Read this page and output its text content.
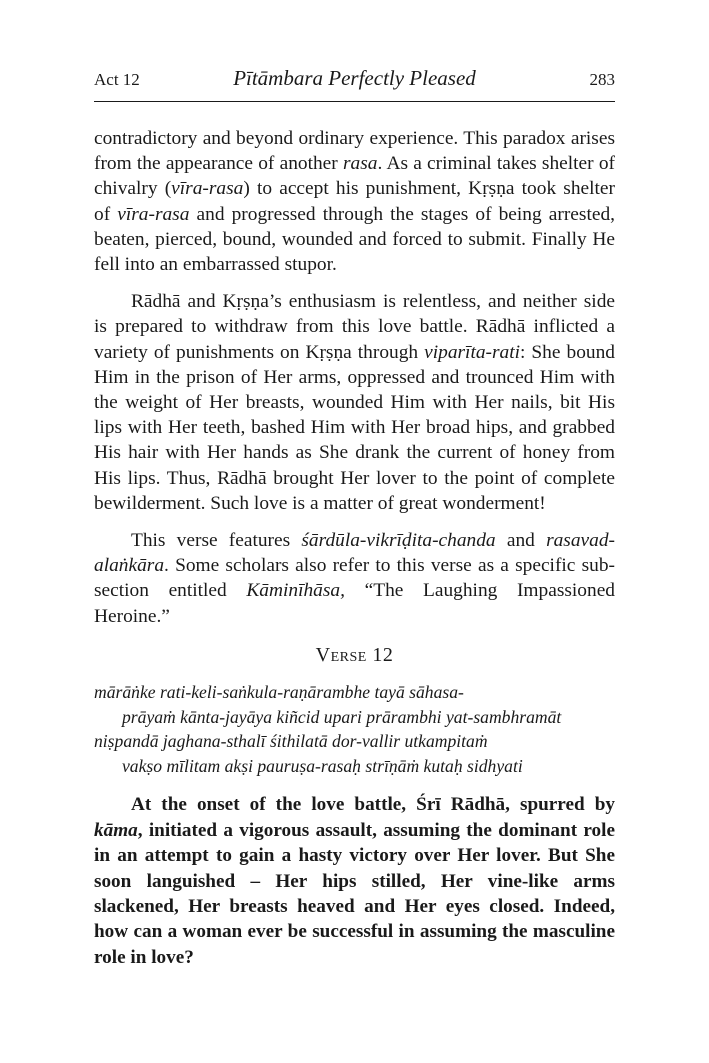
Act 12	Pītāmbara Perfectly Pleased	283

contradictory and beyond ordinary experience. This paradox arises from the appearance of another rasa. As a criminal takes shelter of chivalry (vīra-rasa) to accept his punishment, Kṛṣṇa took shelter of vīra-rasa and progressed through the stages of being arrested, beaten, pierced, bound, wounded and forced to submit. Finally He fell into an embarrassed stupor.

Rādhā and Kṛṣṇa’s enthusiasm is relentless, and neither side is prepared to withdraw from this love battle. Rādhā inflicted a variety of punishments on Kṛṣṇa through viparīta-rati: She bound Him in the prison of Her arms, oppressed and trounced Him with the weight of Her breasts, wounded Him with Her nails, bit His lips with Her teeth, bashed Him with Her broad hips, and grabbed His hair with Her hands as She drank the current of honey from His lips. Thus, Rādhā brought Her lover to the point of complete bewilderment. Such love is a matter of great wonderment!

This verse features śārdūla-vikrīḍita-chanda and rasavad-alaṅkāra. Some scholars also refer to this verse as a specific sub-section entitled Kāminīhāsa, “The Laughing Impassioned Heroine.”

Verse 12
mārāṅke rati-keli-saṅkula-raṇārambhe tayā sāhasa-
prāyaṁ kānta-jayāya kiñcid upari prārambhi yat-sambhramāt
niṣpandā jaghana-sthalī śithilatā dor-vallir utkampitaṁ
vakṣo mīlitam akṣi pauruṣa-rasaḥ strīṇāṁ kutaḥ sidhyati

At the onset of the love battle, Śrī Rādhā, spurred by kāma, initiated a vigorous assault, assuming the dominant role in an attempt to gain a hasty victory over Her lover. But She soon languished – Her hips stilled, Her vine-like arms slackened, Her breasts heaved and Her eyes closed. Indeed, how can a woman ever be successful in assuming the masculine role in love?
